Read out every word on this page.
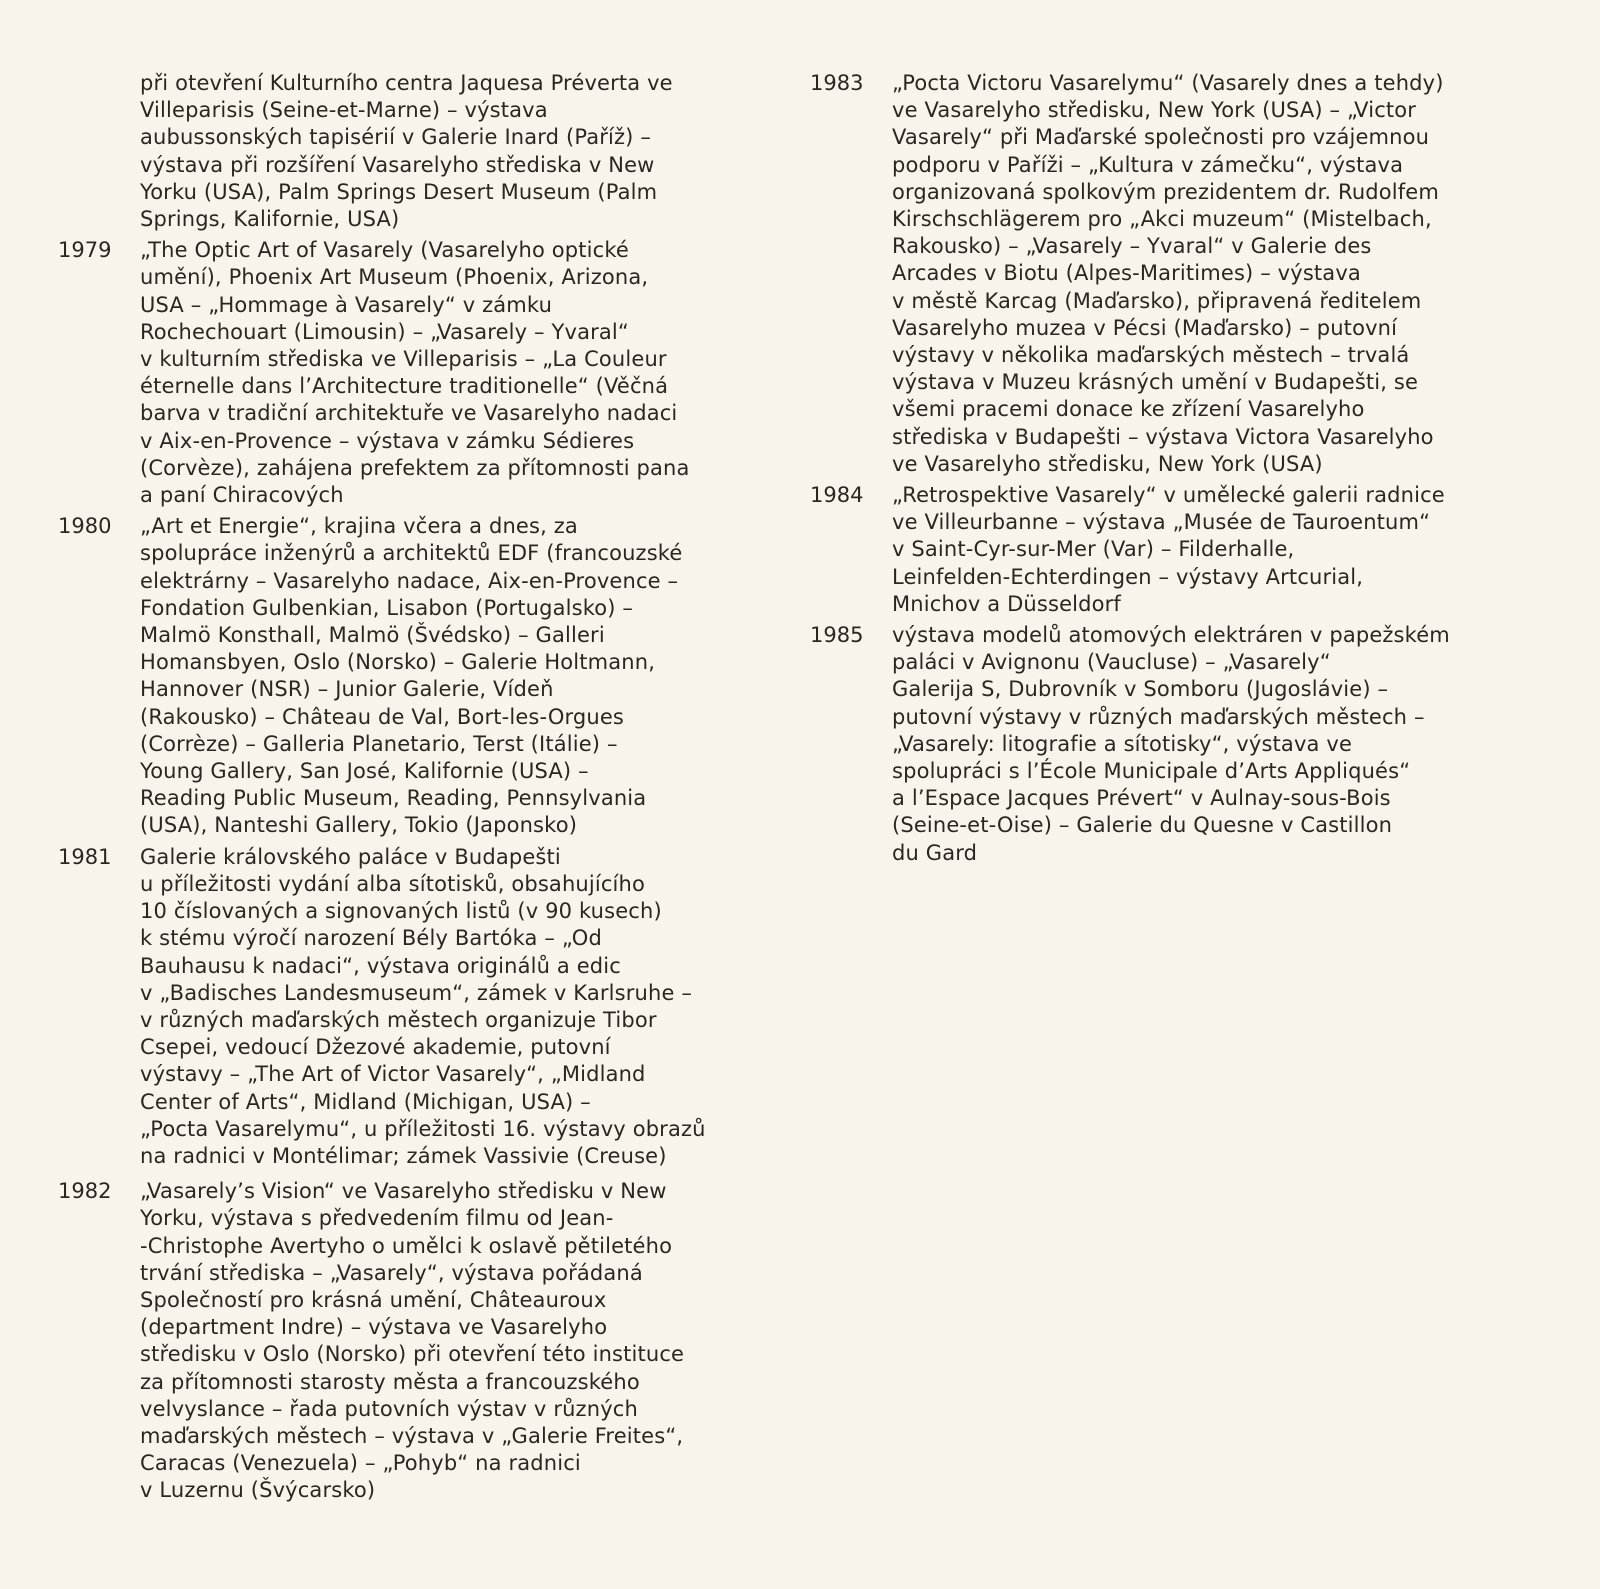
při otevření Kulturního centra Jaquesa Préverta ve
Villeparisis (Seine-et-Marne) – výstava
aubussonských tapisérií v Galerie Inard (Paříž) –
výstava při rozšíření Vasarelyho střediska v New
Yorku (USA), Palm Springs Desert Museum (Palm
Springs, Kalifornie, USA)
1979	„The Optic Art of Vasarely (Vasarelyho optické
umění), Phoenix Art Museum (Phoenix, Arizona,
USA – „Hommage à Vasarely“ v zámku
Rochechouart (Limousin) – „Vasarely – Yvaral“
v kulturním střediska ve Villeparisis – „La Couleur
éternelle dans l’Architecture traditionelle“ (Věčná
barva v tradiční architektuře ve Vasarelyho nadaci
v Aix-en-Provence – výstava v zámku Sédieres
(Corvèze), zahájena prefektem za přítomnosti pana
a paní Chiracových
1980	„Art et Energie“, krajina včera a dnes, za
spolupráce inženýrů a architektů EDF (francouzské
elektrárny – Vasarelyho nadace, Aix-en-Provence –
Fondation Gulbenkian, Lisabon (Portugalsko) –
Malmö Konsthall, Malmö (Švédsko) – Galleri
Homansbyen, Oslo (Norsko) – Galerie Holtmann,
Hannover (NSR) – Junior Galerie, Vídeň
(Rakousko) – Château de Val, Bort-les-Orgues
(Corrèze) – Galleria Planetario, Terst (Itálie) –
Young Gallery, San José, Kalifornie (USA) –
Reading Public Museum, Reading, Pennsylvania
(USA), Nanteshi Gallery, Tokio (Japonsko)
1981	Galerie královského paláce v Budapešti
u příležitosti vydání alba sítotisků, obsahujícího
10 číslovaných a signovaných listů (v 90 kusech)
k stému výročí narození Bély Bartóka – „Od
Bauhausu k nadaci“, výstava originálů a edic
v „Badisches Landesmuseum“, zámek v Karlsruhe –
v různých maďarských městech organizuje Tibor
Csepei, vedoucí Džezové akademie, putovní
výstavy – „The Art of Victor Vasarely“, „Midland
Center of Arts“, Midland (Michigan, USA) –
„Pocta Vasarelymu“, u příležitosti 16. výstavy obrazů
na radnici v Montélimar; zámek Vassivie (Creuse)
1982	„Vasarely’s Vision“ ve Vasarelyho středisku v New
Yorku, výstava s předvedením filmu od Jean-
-Christophe Avertyho o umělci k oslavě pětiletého
trvání střediska – „Vasarely“, výstava pořádaná
Společností pro krásná umění, Châteauroux
(department Indre) – výstava ve Vasarelyho
středisku v Oslo (Norsko) při otevření této instituce
za přítomnosti starosty města a francouzského
velvyslance – řada putovních výstav v různých
maďarských městech – výstava v „Galerie Freites“,
Caracas (Venezuela) – „Pohyb“ na radnici
v Luzernu (Švýcarsko)
1983	„Pocta Victoru Vasarelymu“ (Vasarely dnes a tehdy)
ve Vasarelyho středisku, New York (USA) – „Victor
Vasarely“ při Maďarské společnosti pro vzájemnou
podporu v Paříži – „Kultura v zámečku“, výstava
organizovaná spolkovým prezidentem dr. Rudolfem
Kirschschlägerem pro „Akci muzeum“ (Mistelbach,
Rakousko) – „Vasarely – Yvaral“ v Galerie des
Arcades v Biotu (Alpes-Maritimes) – výstava
v městě Karcag (Maďarsko), připravená ředitelem
Vasarelyho muzea v Pécsi (Maďarsko) – putovní
výstavy v několika maďarských městech – trvalá
výstava v Muzeu krásných umění v Budapešti, se
všemi pracemi donace ke zřízení Vasarelyho
střediska v Budapešti – výstava Victora Vasarelyho
ve Vasarelyho středisku, New York (USA)
1984	„Retrospektive Vasarely“ v umělecké galerii radnice
ve Villeurbanne – výstava „Musée de Tauroentum“
v Saint-Cyr-sur-Mer (Var) – Filderhalle,
Leinfelden-Echterdingen – výstavy Artcurial,
Mnichov a Düsseldorf
1985	výstava modelů atomových elektráren v papežském
paláci v Avignonu (Vaucluse) – „Vasarely“
Galerija S, Dubrovník v Somboru (Jugoslávie) –
putovní výstavy v různých maďarských městech –
„Vasarely: litografie a sítotisky“, výstava ve
spolupráci s l’École Municipale d’Arts Appliqués“
a l’Espace Jacques Prévert“ v Aulnay-sous-Bois
(Seine-et-Oise) – Galerie du Quesne v Castillon
du Gard
